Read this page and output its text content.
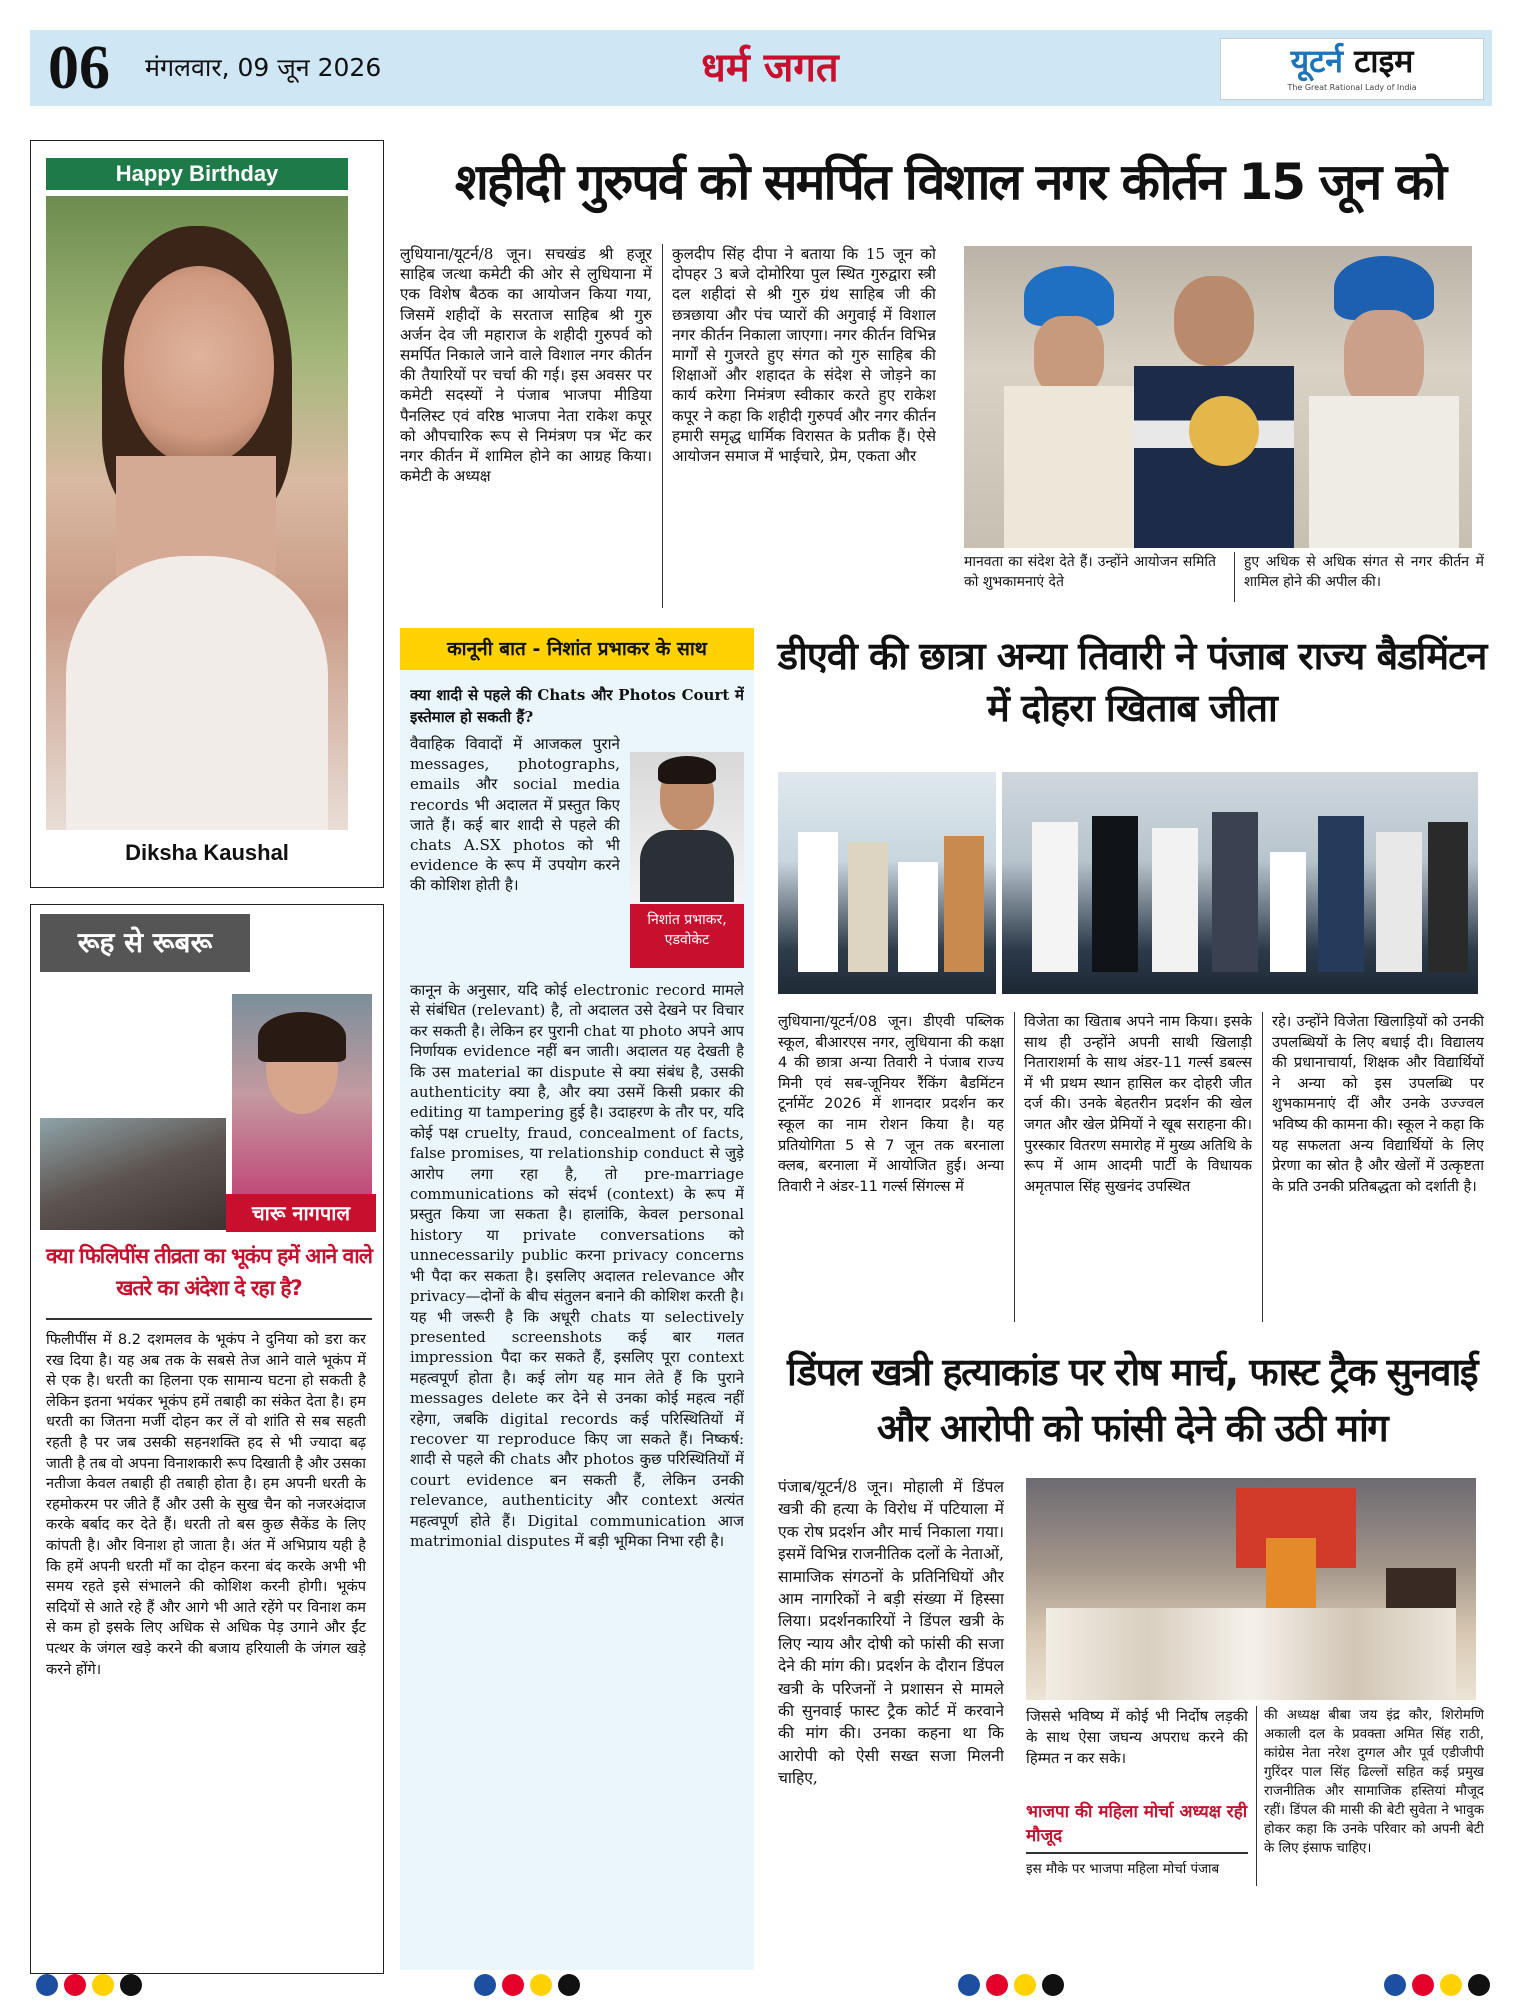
06 मंगलवार, 09 जून 2026	धर्म जगत	यूटर्न टाइम
The Great Rational Lady of India
Happy Birthday
Diksha Kaushal
रूह से रूबरू
चारू नागपाल
क्या फिलिपींस तीव्रता का भूकंप हमें आने वाले खतरे का अंदेशा दे रहा है?
फिलीपींस में 8.2 दशमलव के भूकंप ने दुनिया को डरा कर रख दिया है। यह अब तक के सबसे तेज आने वाले भूकंप में से एक है। धरती का हिलना एक सामान्य घटना हो सकती है लेकिन इतना भयंकर भूकंप हमें तबाही का संकेत देता है। हम धरती का जितना मर्जी दोहन कर लें वो शांति से सब सहती रहती है पर जब उसकी सहनशक्ति हद से भी ज्यादा बढ़ जाती है तब वो अपना विनाशकारी रूप दिखाती है और उसका नतीजा केवल तबाही ही तबाही होता है। हम अपनी धरती के रहमोकरम पर जीते हैं और उसी के सुख चैन को नजरअंदाज करके बर्बाद कर देते हैं। धरती तो बस कुछ सैकेंड के लिए कांपती है। और विनाश हो जाता है। अंत में अभिप्राय यही है कि हमें अपनी धरती माँ का दोहन करना बंद करके अभी भी समय रहते इसे संभालने की कोशिश करनी होगी। भूकंप सदियों से आते रहे हैं और आगे भी आते रहेंगे पर विनाश कम से कम हो इसके लिए अधिक से अधिक पेड़ उगाने और ईंट पत्थर के जंगल खड़े करने की बजाय हरियाली के जंगल खड़े करने होंगे।
शहीदी गुरुपर्व को समर्पित विशाल नगर कीर्तन 15 जून को
लुधियाना/यूटर्न/8 जून। सचखंड श्री हजूर साहिब जत्था कमेटी की ओर से लुधियाना में एक विशेष बैठक का आयोजन किया गया, जिसमें शहीदों के सरताज साहिब श्री गुरु अर्जन देव जी महाराज के शहीदी गुरुपर्व को समर्पित निकाले जाने वाले विशाल नगर कीर्तन की तैयारियों पर चर्चा की गई। इस अवसर पर कमेटी सदस्यों ने पंजाब भाजपा मीडिया पैनलिस्ट एवं वरिष्ठ भाजपा नेता राकेश कपूर को औपचारिक रूप से निमंत्रण पत्र भेंट कर नगर कीर्तन में शामिल होने का आग्रह किया। कमेटी के अध्यक्ष
कुलदीप सिंह दीपा ने बताया कि 15 जून को दोपहर 3 बजे दोमोरिया पुल स्थित गुरुद्वारा स्त्री दल शहीदां से श्री गुरु ग्रंथ साहिब जी की छत्रछाया और पंच प्यारों की अगुवाई में विशाल नगर कीर्तन निकाला जाएगा। नगर कीर्तन विभिन्न मार्गों से गुजरते हुए संगत को गुरु साहिब की शिक्षाओं और शहादत के संदेश से जोड़ने का कार्य करेगा निमंत्रण स्वीकार करते हुए राकेश कपूर ने कहा कि शहीदी गुरुपर्व और नगर कीर्तन हमारी समृद्ध धार्मिक विरासत के प्रतीक हैं। ऐसे आयोजन समाज में भाईचारे, प्रेम, एकता और
मानवता का संदेश देते हैं। उन्होंने आयोजन समिति को शुभकामनाएं देते
हुए अधिक से अधिक संगत से नगर कीर्तन में शामिल होने की अपील की।
कानूनी बात - निशांत प्रभाकर के साथ
क्या शादी से पहले की Chats और Photos Court में इस्तेमाल हो सकती हैं?
वैवाहिक विवादों में आजकल पुराने messages, photographs, emails और social media records भी अदालत में प्रस्तुत किए जाते हैं। कई बार शादी से पहले की chats A.SX photos को भी evidence के रूप में उपयोग करने की कोशिश होती है।
निशांत प्रभाकर, एडवोकेट
कानून के अनुसार, यदि कोई electronic record मामले से संबंधित (relevant) है, तो अदालत उसे देखने पर विचार कर सकती है। लेकिन हर पुरानी chat या photo अपने आप निर्णायक evidence नहीं बन जाती। अदालत यह देखती है कि उस material का dispute से क्या संबंध है, उसकी authenticity क्या है, और क्या उसमें किसी प्रकार की editing या tampering हुई है। उदाहरण के तौर पर, यदि कोई पक्ष cruelty, fraud, concealment of facts, false promises, या relationship conduct से जुड़े आरोप लगा रहा है, तो pre-marriage communications को संदर्भ (context) के रूप में प्रस्तुत किया जा सकता है। हालांकि, केवल personal history या private conversations को unnecessarily public करना privacy concerns भी पैदा कर सकता है। इसलिए अदालत relevance और privacy—दोनों के बीच संतुलन बनाने की कोशिश करती है। यह भी जरूरी है कि अधूरी chats या selectively presented screenshots कई बार गलत impression पैदा कर सकते हैं, इसलिए पूरा context महत्वपूर्ण होता है। कई लोग यह मान लेते हैं कि पुराने messages delete कर देने से उनका कोई महत्व नहीं रहेगा, जबकि digital records कई परिस्थितियों में recover या reproduce किए जा सकते हैं। निष्कर्ष: शादी से पहले की chats और photos कुछ परिस्थितियों में court evidence बन सकती हैं, लेकिन उनकी relevance, authenticity और context अत्यंत महत्वपूर्ण होते हैं। Digital communication आज matrimonial disputes में बड़ी भूमिका निभा रही है।
डीएवी की छात्रा अन्या तिवारी ने पंजाब राज्य बैडमिंटन में दोहरा खिताब जीता
लुधियाना/यूटर्न/08 जून। डीएवी पब्लिक स्कूल, बीआरएस नगर, लुधियाना की कक्षा 4 की छात्रा अन्या तिवारी ने पंजाब राज्य मिनी एवं सब-जूनियर रैंकिंग बैडमिंटन टूर्नामेंट 2026 में शानदार प्रदर्शन कर स्कूल का नाम रोशन किया है। यह प्रतियोगिता 5 से 7 जून तक बरनाला क्लब, बरनाला में आयोजित हुई। अन्या तिवारी ने अंडर-11 गर्ल्स सिंगल्स में
विजेता का खिताब अपने नाम किया। इसके साथ ही उन्होंने अपनी साथी खिलाड़ी निताराशर्मा के साथ अंडर-11 गर्ल्स डबल्स में भी प्रथम स्थान हासिल कर दोहरी जीत दर्ज की। उनके बेहतरीन प्रदर्शन की खेल जगत और खेल प्रेमियों ने खूब सराहना की। पुरस्कार वितरण समारोह में मुख्य अतिथि के रूप में आम आदमी पार्टी के विधायक अमृतपाल सिंह सुखनंद उपस्थित
रहे। उन्होंने विजेता खिलाड़ियों को उनकी उपलब्धियों के लिए बधाई दी। विद्यालय की प्रधानाचार्या, शिक्षक और विद्यार्थियों ने अन्या को इस उपलब्धि पर शुभकामनाएं दीं और उनके उज्ज्वल भविष्य की कामना की। स्कूल ने कहा कि यह सफलता अन्य विद्यार्थियों के लिए प्रेरणा का स्रोत है और खेलों में उत्कृष्टता के प्रति उनकी प्रतिबद्धता को दर्शाती है।
डिंपल खत्री हत्याकांड पर रोष मार्च, फास्ट ट्रैक सुनवाई और आरोपी को फांसी देने की उठी मांग
पंजाब/यूटर्न/8 जून। मोहाली में डिंपल खत्री की हत्या के विरोध में पटियाला में एक रोष प्रदर्शन और मार्च निकाला गया। इसमें विभिन्न राजनीतिक दलों के नेताओं, सामाजिक संगठनों के प्रतिनिधियों और आम नागरिकों ने बड़ी संख्या में हिस्सा लिया। प्रदर्शनकारियों ने डिंपल खत्री के लिए न्याय और दोषी को फांसी की सजा देने की मांग की। प्रदर्शन के दौरान डिंपल खत्री के परिजनों ने प्रशासन से मामले की सुनवाई फास्ट ट्रैक कोर्ट में करवाने की मांग की। उनका कहना था कि आरोपी को ऐसी सख्त सजा मिलनी चाहिए,
जिससे भविष्य में कोई भी निर्दोष लड़की के साथ ऐसा जघन्य अपराध करने की हिम्मत न कर सके।
भाजपा की महिला मोर्चा अध्यक्ष रही मौजूद
इस मौके पर भाजपा महिला मोर्चा पंजाब
की अध्यक्ष बीबा जय इंद्र कौर, शिरोमणि अकाली दल के प्रवक्ता अमित सिंह राठी, कांग्रेस नेता नरेश दुग्गल और पूर्व एडीजीपी गुरिंदर पाल सिंह ढिल्लों सहित कई प्रमुख राजनीतिक और सामाजिक हस्तियां मौजूद रहीं। डिंपल की मासी की बेटी सुवेता ने भावुक होकर कहा कि उनके परिवार को अपनी बेटी के लिए इंसाफ चाहिए।
